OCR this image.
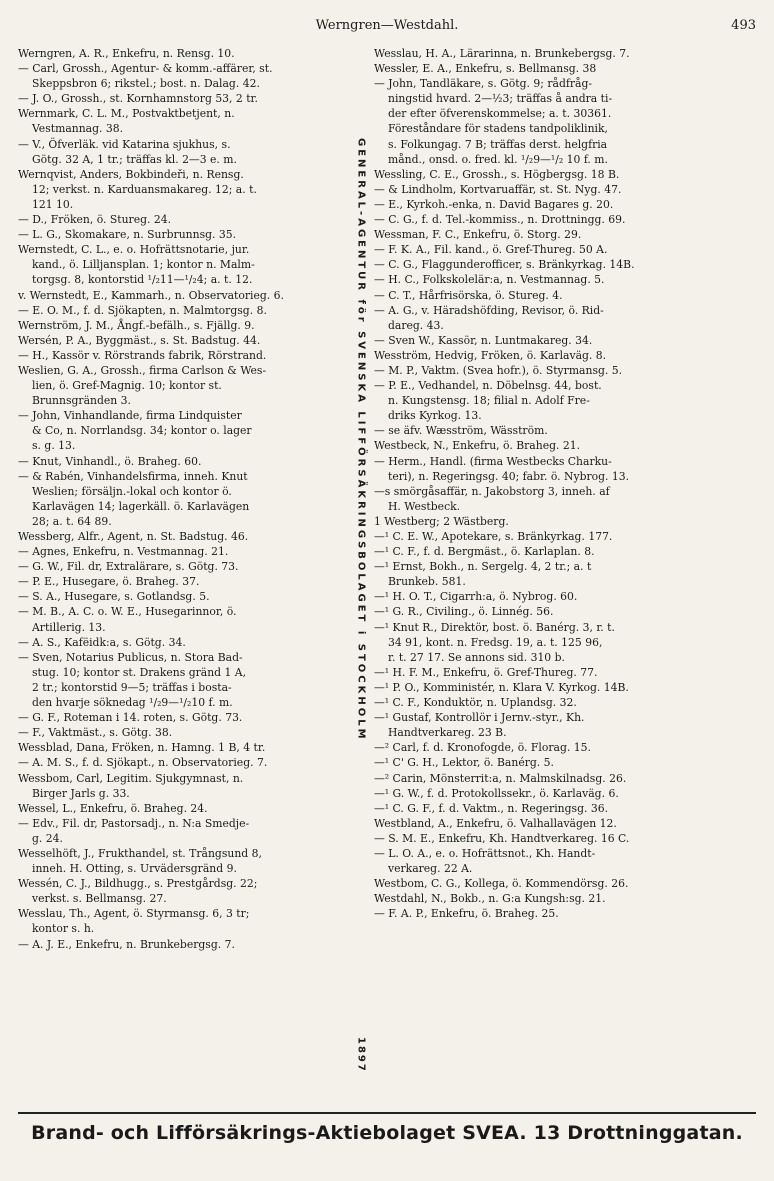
Werngren—Westdahl.	493
Werngren, A. R., Enkefru, n. Rensg. 10.
— Carl, Grossh., Agentur- & komm.-affärer, st.
Skeppsbron 6; rikstel.; bost. n. Dalag. 42.
— J. O., Grossh., st. Kornhamnstorg 53, 2 tr.
Wernmark, C. L. M., Postvaktbetjent, n.
Vestmannag. 38.
— V., Öfverläk. vid Katarina sjukhus, s.
Götg. 32 A, 1 tr.; träffas kl. 2—3 e. m.
Wernqvist, Anders, Bokbindeři, n. Rensg.
12; verkst. n. Karduansmakareg. 12; a. t.
121 10.
— D., Fröken, ö. Stureg. 24.
— L. G., Skomakare, n. Surbrunnsg. 35.
Wernstedt, C. L., e. o. Hofrättsnotarie, jur.
kand., ö. Lilljansplan. 1; kontor n. Malm-
torgsg. 8, kontorstid ¹/₂11—¹/₂4; a. t. 12.
v. Wernstedt, E., Kammarh., n. Observatorieg. 6.
— E. O. M., f. d. Sjökapten, n. Malmtorgsg. 8.
Wernström, J. M., Ångf.-befälh., s. Fjällg. 9.
Wersén, P. A., Byggmäst., s. St. Badstug. 44.
— H., Kassör v. Rörstrands fabrik, Rörstrand.
Weslien, G. A., Grossh., firma Carlson & Wes-
lien, ö. Gref-Magnig. 10; kontor st.
Brunnsgränden 3.
— John, Vinhandlande, firma Lindquister
& Co, n. Norrlandsg. 34; kontor o. lager
s. g. 13.
— Knut, Vinhandl., ö. Braheg. 60.
— & Rabén, Vinhandelsfirma, inneh. Knut
Weslien; försäljn.-lokal och kontor ö.
Karlavägen 14; lagerkäll. ö. Karlavägen
28; a. t. 64 89.
Wessberg, Alfr., Agent, n. St. Badstug. 46.
— Agnes, Enkefru, n. Vestmannag. 21.
— G. W., Fil. dr, Extralärare, s. Götg. 73.
— P. E., Husegare, ö. Braheg. 37.
— S. A., Husegare, s. Gotlandsg. 5.
— M. B., A. C. o. W. E., Husegarinnor, ö.
Artillerig. 13.
— A. S., Kafëidk:a, s. Götg. 34.
— Sven, Notarius Publicus, n. Stora Bad-
stug. 10; kontor st. Drakens gränd 1 A,
2 tr.; kontorstid 9—5; träffas i bosta-
den hvarje söknedag ¹/₂9—¹/₂10 f. m.
— G. F., Roteman i 14. roten, s. Götg. 73.
— F., Vaktmäst., s. Götg. 38.
Wessblad, Dana, Fröken, n. Hamng. 1 B, 4 tr.
— A. M. S., f. d. Sjökapt., n. Observatorieg. 7.
Wessbom, Carl, Legitim. Sjukgymnast, n.
Birger Jarls g. 33.
Wessel, L., Enkefru, ö. Braheg. 24.
— Edv., Fil. dr, Pastorsadj., n. N:a Smedje-
g. 24.
Wesselhöft, J., Frukthandel, st. Trångsund 8,
inneh. H. Otting, s. Urvädersgränd 9.
Wessén, C. J., Bildhugg., s. Prestgårdsg. 22;
verkst. s. Bellmansg. 27.
Wesslau, Th., Agent, ö. Styrmansg. 6, 3 tr;
kontor s. h.
— A. J. E., Enkefru, n. Brunkebergsg. 7.
GENERAL-AGENTUR för SVENSKA LIFFÖRSÄKRINGSBOLAGET i STOCKHOLM
1897
Wesslau, H. A., Lärarinna, n. Brunkebergsg. 7.
Wessler, E. A., Enkefru, s. Bellmansg. 38
— John, Tandläkare, s. Götg. 9; rådfråg-
ningstid hvard. 2—½3; träffas å andra ti-
der efter öfverenskommelse; a. t. 30361.
Föreståndare för stadens tandpoliklinik,
s. Folkungag. 7 B; träffas derst. helgfria
månd., onsd. o. fred. kl. ¹/₂9—¹/₂ 10 f. m.
Wessling, C. E., Grossh., s. Högbergsg. 18 B.
— & Lindholm, Kortvaruaffär, st. St. Nyg. 47.
— E., Kyrkoh.-enka, n. David Bagares g. 20.
— C. G., f. d. Tel.-kommiss., n. Drottningg. 69.
Wessman, F. C., Enkefru, ö. Storg. 29.
— F. K. A., Fil. kand., ö. Gref-Thureg. 50 A.
— C. G., Flaggunderofficer, s. Bränkyrkag. 14B.
— H. C., Folkskolelär:a, n. Vestmannag. 5.
— C. T., Hårfrisörska, ö. Stureg. 4.
— A. G., v. Häradshöfding, Revisor, ö. Rid-
dareg. 43.
— Sven W., Kassör, n. Luntmakareg. 34.
Wesström, Hedvig, Fröken, ö. Karlaväg. 8.
— M. P., Vaktm. (Svea hofr.), ö. Styrmansg. 5.
— P. E., Vedhandel, n. Döbelnsg. 44, bost.
n. Kungstensg. 18; filial n. Adolf Fre-
driks Kyrkog. 13.
— se äfv. Wæsström, Wäsström.
Westbeck, N., Enkefru, ö. Braheg. 21.
— Herm., Handl. (firma Westbecks Charku-
teri), n. Regeringsg. 40; fabr. ö. Nybrog. 13.
—s smörgåsaffär, n. Jakobstorg 3, inneh. af
H. Westbeck.
1 Westberg; 2 Wästberg.
—¹ C. E. W., Apotekare, s. Bränkyrkag. 177.
—¹ C. F., f. d. Bergmäst., ö. Karlaplan. 8.
—¹ Ernst, Bokh., n. Sergelg. 4, 2 tr.; a. t
Brunkeb. 581.
—¹ H. O. T., Cigarrh:a, ö. Nybrog. 60.
—¹ G. R., Civiling., ö. Linnég. 56.
—¹ Knut R., Direktör, bost. ö. Banérg. 3, r. t.
34 91, kont. n. Fredsg. 19, a. t. 125 96,
r. t. 27 17. Se annons sid. 310 b.
—¹ H. F. M., Enkefru, ö. Gref-Thureg. 77.
—¹ P. O., Komministér, n. Klara V. Kyrkog. 14B.
—¹ C. F., Konduktör, n. Uplandsg. 32.
—¹ Gustaf, Kontrollör i Jernv.-styr., Kh.
Handtverkareg. 23 B.
—² Carl, f. d. Kronofogde, ö. Florag. 15.
—¹ C' G. H., Lektor, ö. Banérg. 5.
—² Carin, Mönsterrit:a, n. Malmskilnadsg. 26.
—¹ G. W., f. d. Protokollssekr., ö. Karlaväg. 6.
—¹ C. G. F., f. d. Vaktm., n. Regeringsg. 36.
Westbland, A., Enkefru, ö. Valhallavägen 12.
— S. M. E., Enkefru, Kh. Handtverkareg. 16 C.
— L. O. A., e. o. Hofrättsnot., Kh. Handt-
verkareg. 22 A.
Westbom, C. G., Kollega, ö. Kommendörsg. 26.
Westdahl, N., Bokb., n. G:a Kungsh:sg. 21.
— F. A. P., Enkefru, ö. Braheg. 25.
Brand- och Lifförsäkrings-Aktiebolaget SVEA. 13 Drottninggatan.
